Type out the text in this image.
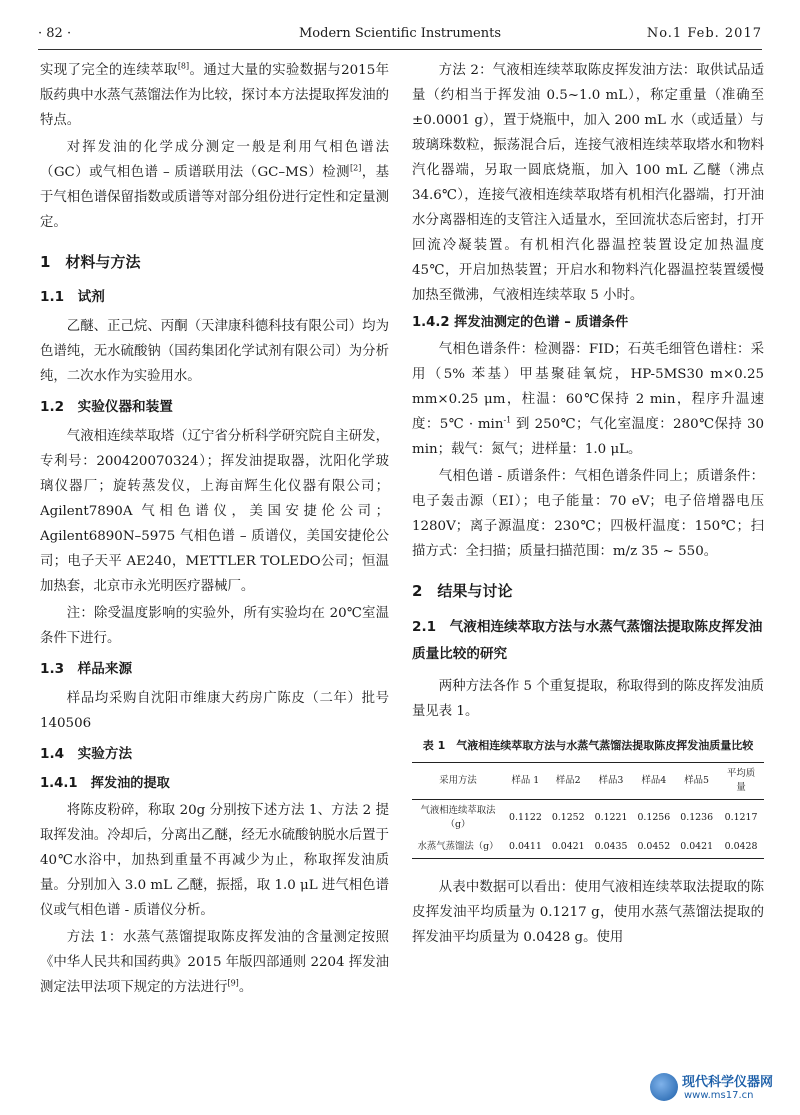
· 82 ·	Modern Scientific Instruments	No.1 Feb. 2017

实现了完全的连续萃取[8]。通过大量的实验数据与2015年版药典中水蒸气蒸馏法作为比较，探讨本方法提取挥发油的特点。

对挥发油的化学成分测定一般是利用气相色谱法（GC）或气相色谱 – 质谱联用法（GC–MS）检测[2]，基于气相色谱保留指数或质谱等对部分组份进行定性和定量测定。

1　材料与方法
1.1　试剂

乙醚、正己烷、丙酮（天津康科德科技有限公司）均为色谱纯，无水硫酸钠（国药集团化学试剂有限公司）为分析纯，二次水作为实验用水。

1.2　实验仪器和装置

气液相连续萃取塔（辽宁省分析科学研究院自主研发，专利号：200420070324）；挥发油提取器，沈阳化学玻璃仪器厂；旋转蒸发仪，上海亩辉生化仪器有限公司；Agilent7890A 气相色谱仪，美国安捷伦公司；Agilent6890N–5975 气相色谱 – 质谱仪，美国安捷伦公司；电子天平 AE240，METTLER TOLEDO公司；恒温加热套，北京市永光明医疗器械厂。

注：除受温度影响的实验外，所有实验均在 20℃室温条件下进行。

1.3　样品来源

样品均采购自沈阳市维康大药房广陈皮（二年）批号 140506

1.4　实验方法
1.4.1　挥发油的提取

将陈皮粉碎，称取 20g 分别按下述方法 1、方法 2 提取挥发油。冷却后，分离出乙醚，经无水硫酸钠脱水后置于 40℃水浴中，加热到重量不再减少为止，称取挥发油质量。分别加入 3.0 mL 乙醚，振摇，取 1.0 μL 进气相色谱仪或气相色谱 - 质谱仪分析。

方法 1：水蒸气蒸馏提取陈皮挥发油的含量测定按照《中华人民共和国药典》2015 年版四部通则 2204 挥发油测定法甲法项下规定的方法进行[9]。

方法 2：气液相连续萃取陈皮挥发油方法：取供试品适量（约相当于挥发油 0.5~1.0 mL），称定重量（准确至 ±0.0001 g），置于烧瓶中，加入 200 mL 水（或适量）与玻璃珠数粒，振荡混合后，连接气液相连续萃取塔水和物料汽化器端，另取一圆底烧瓶，加入 100 mL 乙醚（沸点 34.6℃），连接气液相连续萃取塔有机相汽化器端，打开油水分离器相连的支管注入适量水，至回流状态后密封，打开回流冷凝装置。有机相汽化器温控装置设定加热温度 45℃，开启加热装置；开启水和物料汽化器温控装置缓慢加热至微沸，气液相连续萃取 5 小时。

1.4.2 挥发油测定的色谱 – 质谱条件

气相色谱条件：检测器：FID；石英毛细管色谱柱：采用（5% 苯基）甲基聚硅氧烷，HP-5MS30 m×0.25 mm×0.25 μm，柱温：60℃保持 2 min，程序升温速度：5℃ · $\min^{-1}$ 到 250℃；气化室温度：280℃保持 30 min；载气：氮气；进样量：1.0 μL。

气相色谱 - 质谱条件：气相色谱条件同上；质谱条件：电子轰击源（EI）；电子能量：70 eV；电子倍增器电压 1280V；离子源温度：230℃；四极杆温度：150℃；扫描方式：全扫描；质量扫描范围：m/z 35 ~ 550。

2　结果与讨论
2.1　气液相连续萃取方法与水蒸气蒸馏法提取陈皮挥发油质量比较的研究

两种方法各作 5 个重复提取，称取得到的陈皮挥发油质量见表 1。

表 1　气液相连续萃取方法与水蒸气蒸馏法提取陈皮挥发油质量比较
采用方法	样品 1	样品2	样品3	样品4	样品5	平均质量
气液相连续萃取法（g）	0.1122	0.1252	0.1221	0.1256	0.1236	0.1217
水蒸气蒸馏法（g）	0.0411	0.0421	0.0435	0.0452	0.0421	0.0428

从表中数据可以看出：使用气液相连续萃取法提取的陈皮挥发油平均质量为 0.1217 g，使用水蒸气蒸馏法提取的挥发油平均质量为 0.0428 g。使用

现代科学仪器网
www.ms17.cn
